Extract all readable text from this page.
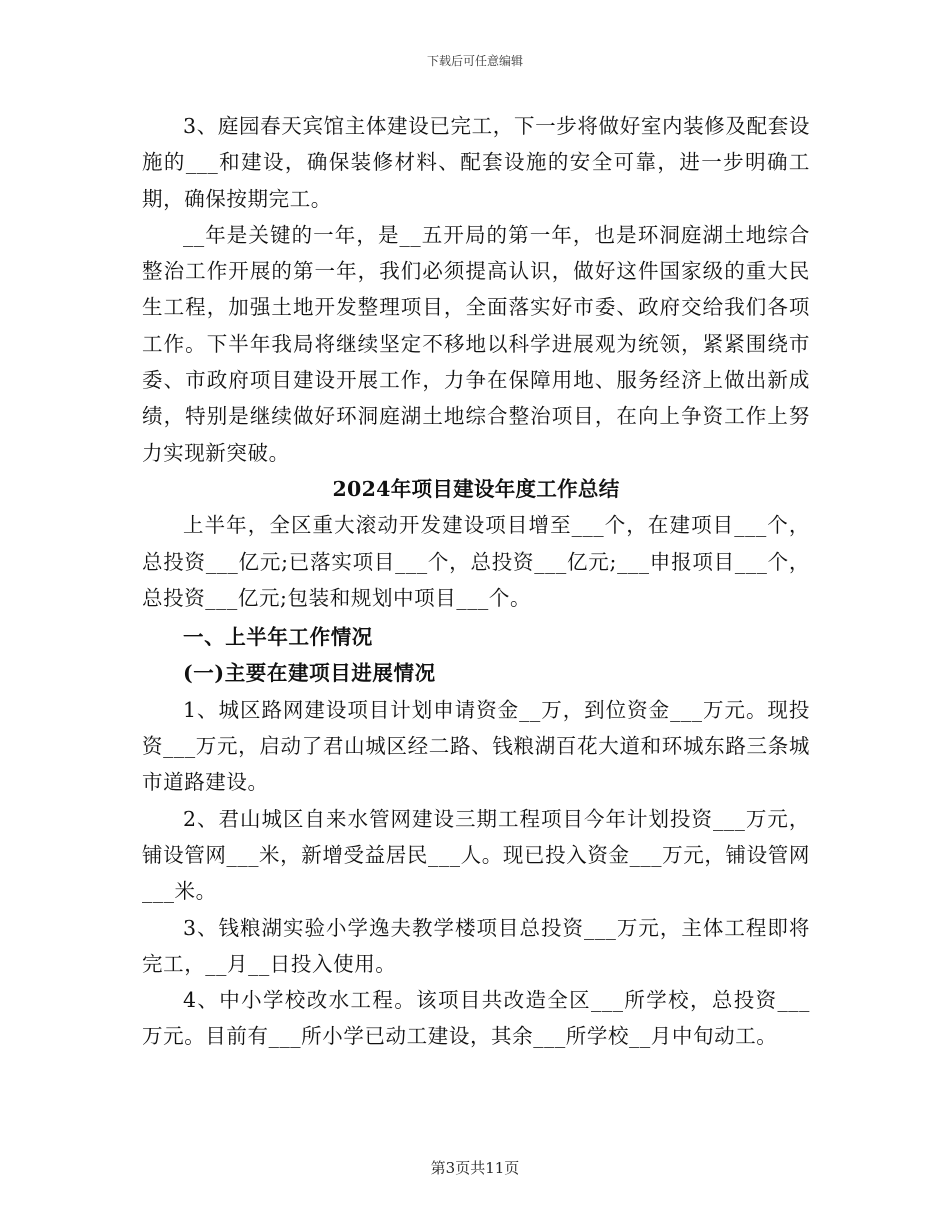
下载后可任意编辑

3、庭园春天宾馆主体建设已完工，下一步将做好室内装修及配套设施的___和建设，确保装修材料、配套设施的安全可靠，进一步明确工期，确保按期完工。

__年是关键的一年，是__五开局的第一年，也是环洞庭湖土地综合整治工作开展的第一年，我们必须提高认识，做好这件国家级的重大民生工程，加强土地开发整理项目，全面落实好市委、政府交给我们各项工作。下半年我局将继续坚定不移地以科学进展观为统领，紧紧围绕市委、市政府项目建设开展工作，力争在保障用地、服务经济上做出新成绩，特别是继续做好环洞庭湖土地综合整治项目，在向上争资工作上努力实现新突破。

2024年项目建设年度工作总结

上半年，全区重大滚动开发建设项目增至___个，在建项目___个，总投资___亿元;已落实项目___个，总投资___亿元;___申报项目___个，总投资___亿元;包装和规划中项目___个。

一、上半年工作情况

(一)主要在建项目进展情况

1、城区路网建设项目计划申请资金__万，到位资金___万元。现投资___万元，启动了君山城区经二路、钱粮湖百花大道和环城东路三条城市道路建设。

2、君山城区自来水管网建设三期工程项目今年计划投资___万元，铺设管网___米，新增受益居民___人。现已投入资金___万元，铺设管网___米。

3、钱粮湖实验小学逸夫教学楼项目总投资___万元，主体工程即将完工，__月__日投入使用。

4、中小学校改水工程。该项目共改造全区___所学校，总投资___万元。目前有___所小学已动工建设，其余___所学校__月中旬动工。

第3页共11页
